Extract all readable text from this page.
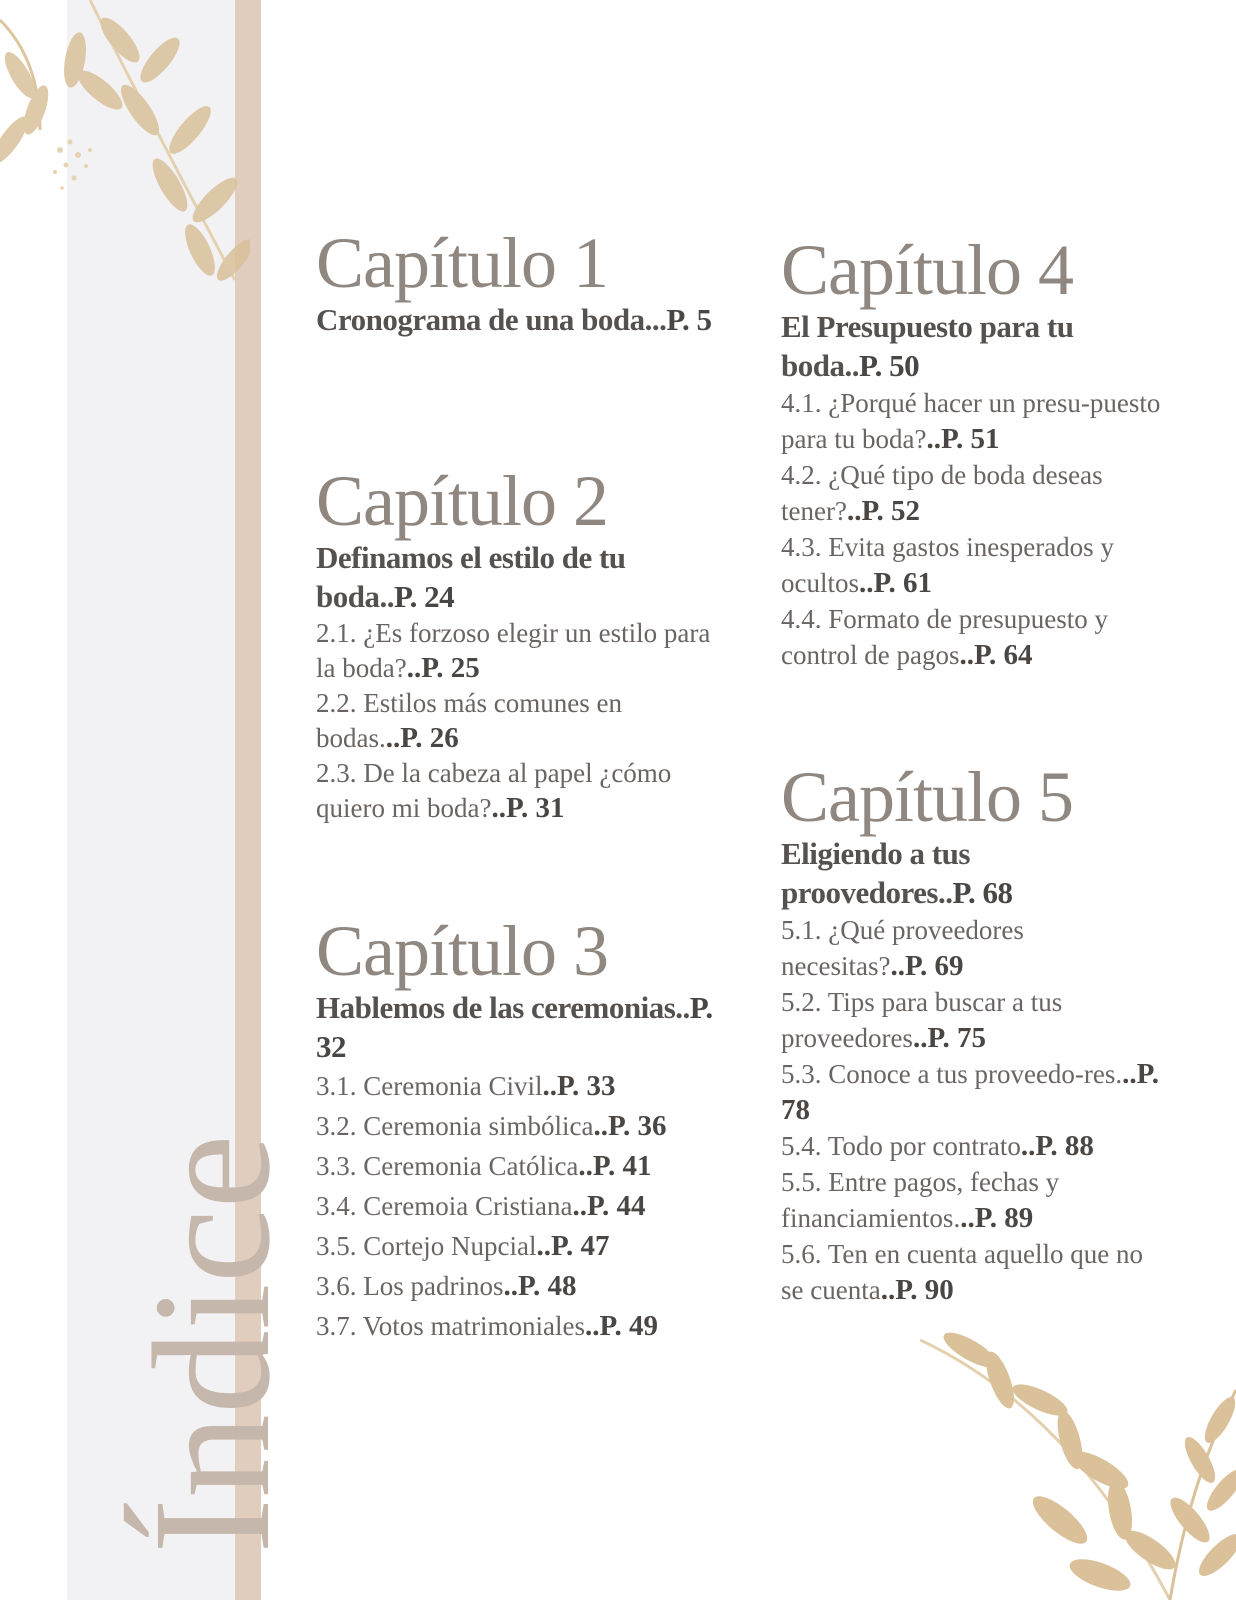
Índice
Capítulo 1

Cronograma de una boda...P. 5

Capítulo 2

Definamos el estilo de tu boda..P. 24

2.1. ¿Es forzoso elegir un estilo para la boda?..P. 25
2.2. Estilos más comunes en bodas...P. 26
2.3. De la cabeza al papel ¿cómo quiero mi boda?..P. 31
Capítulo 3

Hablemos de las ceremonias..P. 32

3.1. Ceremonia Civil..P. 33
3.2. Ceremonia simbólica..P. 36
3.3. Ceremonia Católica..P. 41
3.4. Ceremoia Cristiana..P. 44
3.5. Cortejo Nupcial..P. 47
3.6. Los padrinos..P. 48
3.7. Votos matrimoniales..P. 49
Capítulo 4

El Presupuesto para tu boda..P. 50

4.1. ¿Porqué hacer un presu-puesto para tu boda?..P. 51
4.2. ¿Qué tipo de boda deseas tener?..P. 52
4.3. Evita gastos inesperados y ocultos..P. 61
4.4. Formato de presupuesto y control de pagos..P. 64
Capítulo 5

Eligiendo a tus proovedores..P. 68

5.1. ¿Qué proveedores necesitas?..P. 69
5.2. Tips para buscar a tus proveedores..P. 75
5.3. Conoce a tus proveedo-res...P. 78
5.4. Todo por contrato..P. 88
5.5. Entre pagos, fechas y financiamientos...P. 89
5.6. Ten en cuenta aquello que no se cuenta..P. 90
